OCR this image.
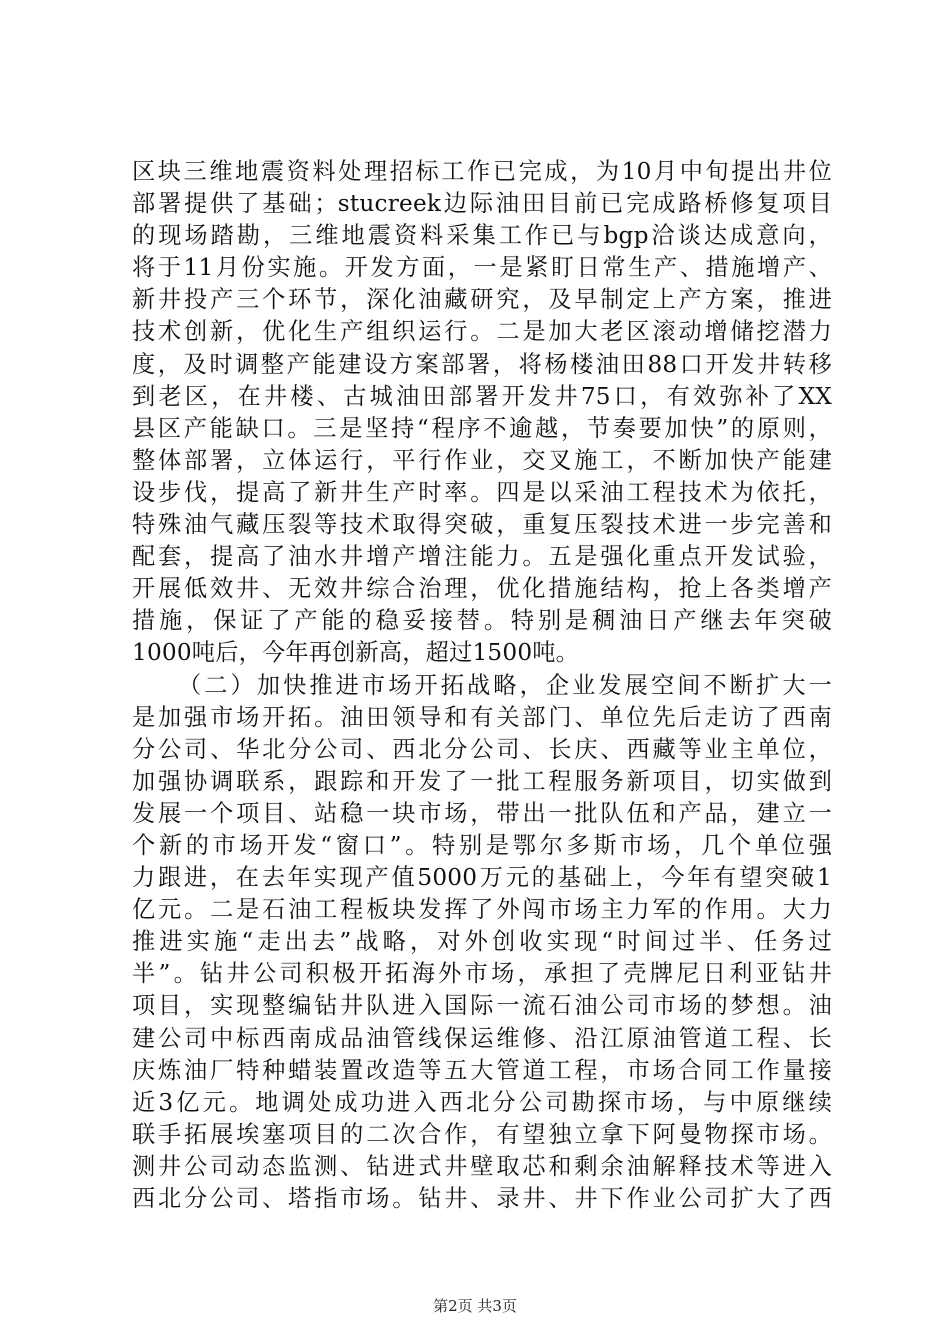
区块三维地震资料处理招标工作已完成，为10月中旬提出井位
部署提供了基础；stucreek边际油田目前已完成路桥修复项目
的现场踏勘，三维地震资料采集工作已与bgp洽谈达成意向，
将于11月份实施。开发方面，一是紧盯日常生产、措施增产、
新井投产三个环节，深化油藏研究，及早制定上产方案，推进
技术创新，优化生产组织运行。二是加大老区滚动增储挖潜力
度，及时调整产能建设方案部署，将杨楼油田88口开发井转移
到老区，在井楼、古城油田部署开发井75口，有效弥补了XX
县区产能缺口。三是坚持“程序不逾越，节奏要加快”的原则，
整体部署，立体运行，平行作业，交叉施工，不断加快产能建
设步伐，提高了新井生产时率。四是以采油工程技术为依托，
特殊油气藏压裂等技术取得突破，重复压裂技术进一步完善和
配套，提高了油水井增产增注能力。五是强化重点开发试验，
开展低效井、无效井综合治理，优化措施结构，抢上各类增产
措施，保证了产能的稳妥接替。特别是稠油日产继去年突破
1000吨后，今年再创新高，超过1500吨。
（二）加快推进市场开拓战略，企业发展空间不断扩大一
是加强市场开拓。油田领导和有关部门、单位先后走访了西南
分公司、华北分公司、西北分公司、长庆、西藏等业主单位，
加强协调联系，跟踪和开发了一批工程服务新项目，切实做到
发展一个项目、站稳一块市场，带出一批队伍和产品，建立一
个新的市场开发“窗口”。特别是鄂尔多斯市场，几个单位强
力跟进，在去年实现产值5000万元的基础上，今年有望突破1
亿元。二是石油工程板块发挥了外闯市场主力军的作用。大力
推进实施“走出去”战略，对外创收实现“时间过半、任务过
半”。钻井公司积极开拓海外市场，承担了壳牌尼日利亚钻井
项目，实现整编钻井队进入国际一流石油公司市场的梦想。油
建公司中标西南成品油管线保运维修、沿江原油管道工程、长
庆炼油厂特种蜡装置改造等五大管道工程，市场合同工作量接
近3亿元。地调处成功进入西北分公司勘探市场，与中原继续
联手拓展埃塞项目的二次合作，有望独立拿下阿曼物探市场。
测井公司动态监测、钻进式井壁取芯和剩余油解释技术等进入
西北分公司、塔指市场。钻井、录井、井下作业公司扩大了西
第2页 共3页
